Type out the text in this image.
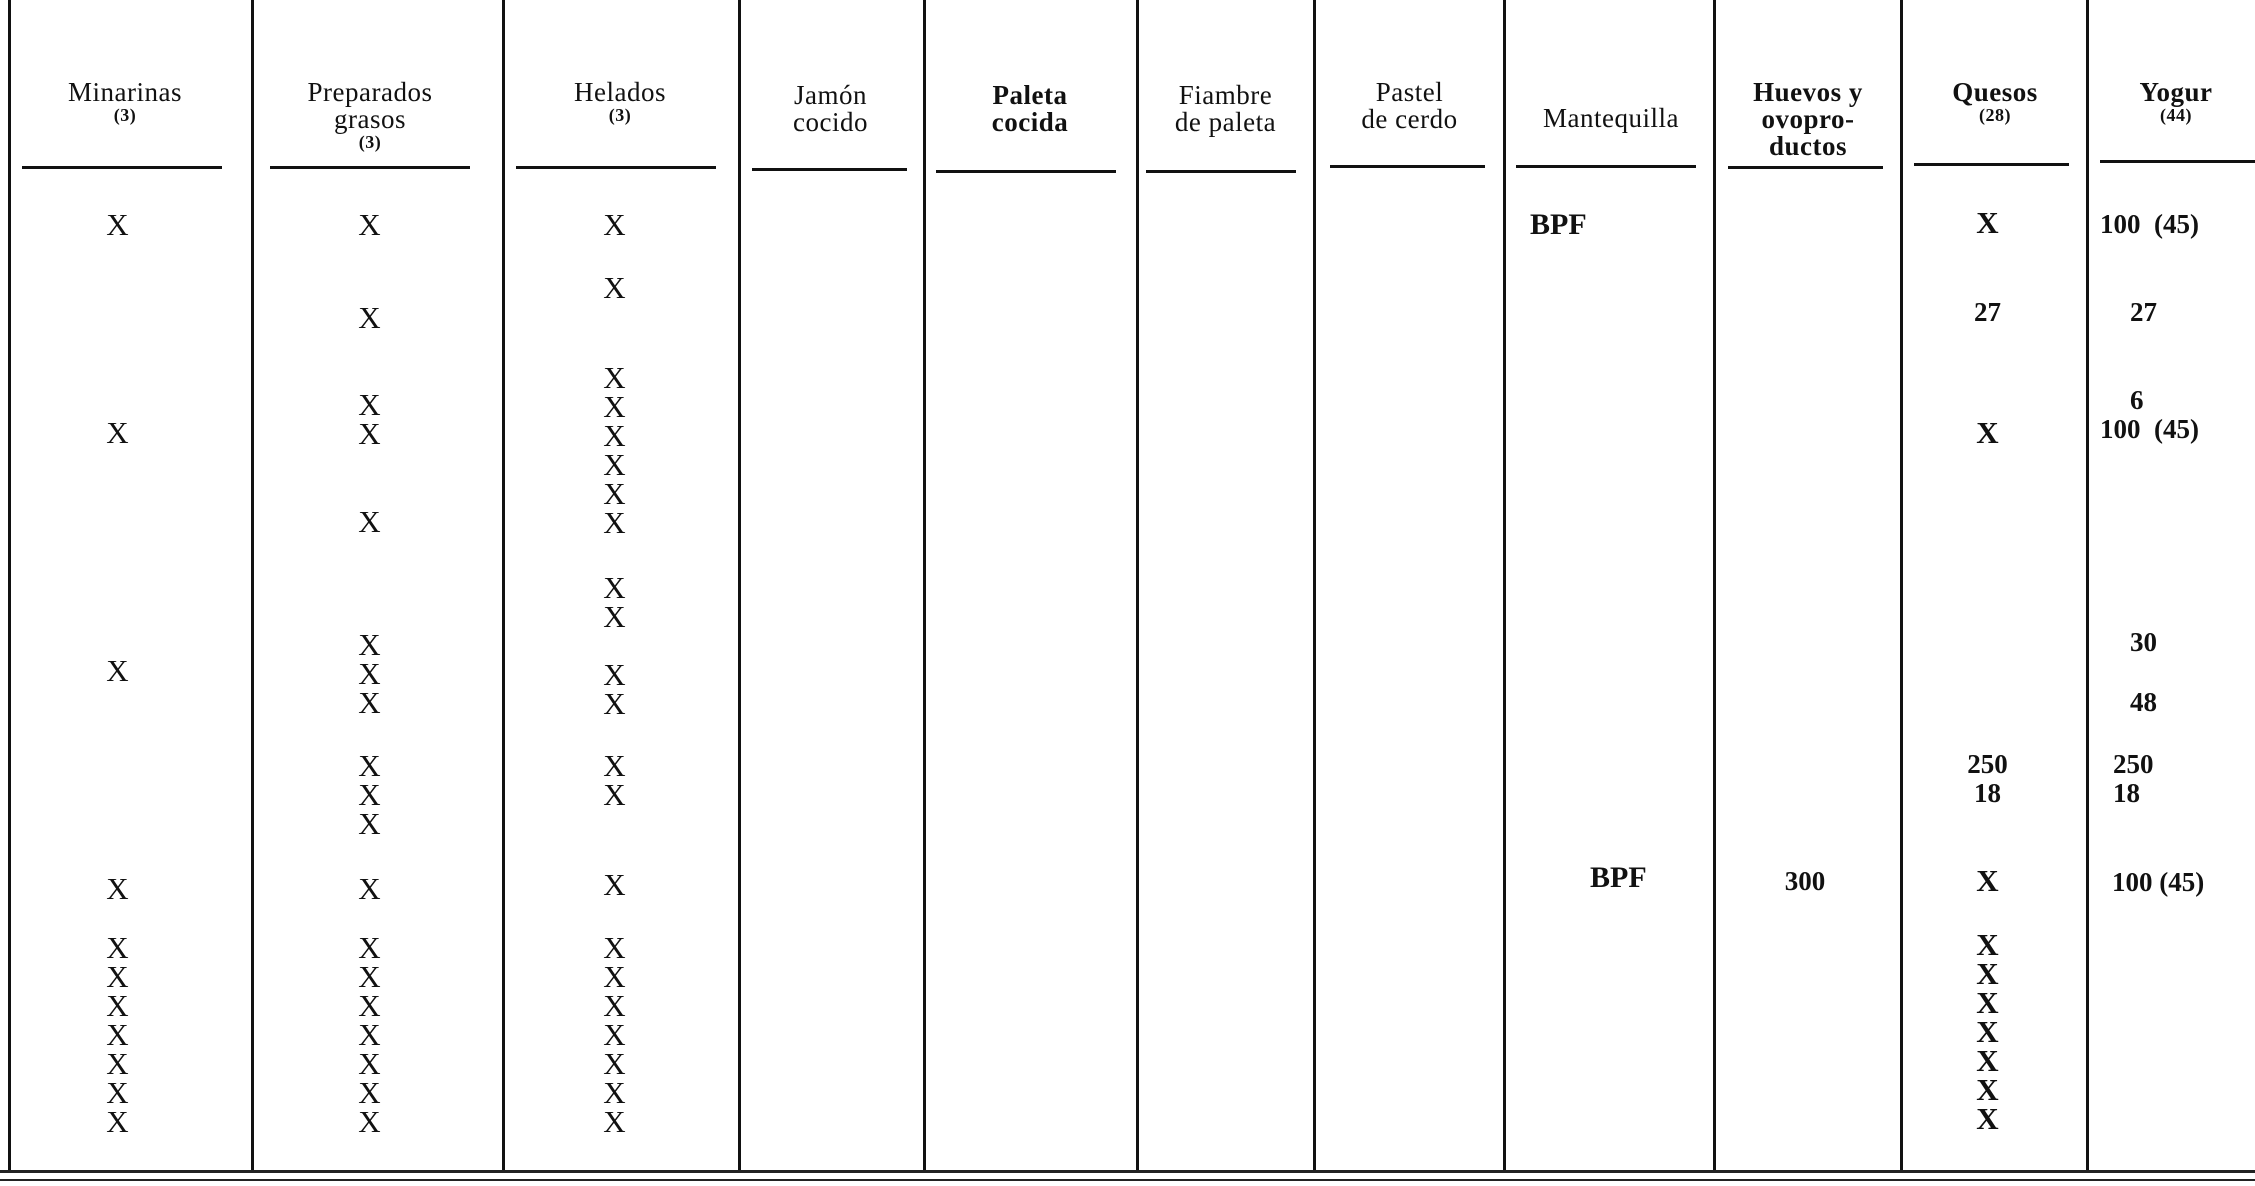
Minarinas

(3)

Preparados
grasos

(3)

Helados

(3)

Jamón
cocido

Paleta
cocida

Fiambre
de paleta

Pastel
de cerdo	Mantequilla

Huevos y
ovopro-
ductos

Quesos

(28)

Yogur

(44)

X
X
X
X
X
X
X
X
X
X
X
X
X
X
X
X
X
X
X
X
X
X
X
X
X
X
X
X
X
X
X
X
X
X
X
X
X
X
X
X
X
X
X
X
X
X
X
X
X
X
X
X
BPF
BPF	300
X
27
X
250
18
X
X
X
X
X
X
X
X
100  (45)
27
6
100  (45)
30
48
250
18
100 (45)
